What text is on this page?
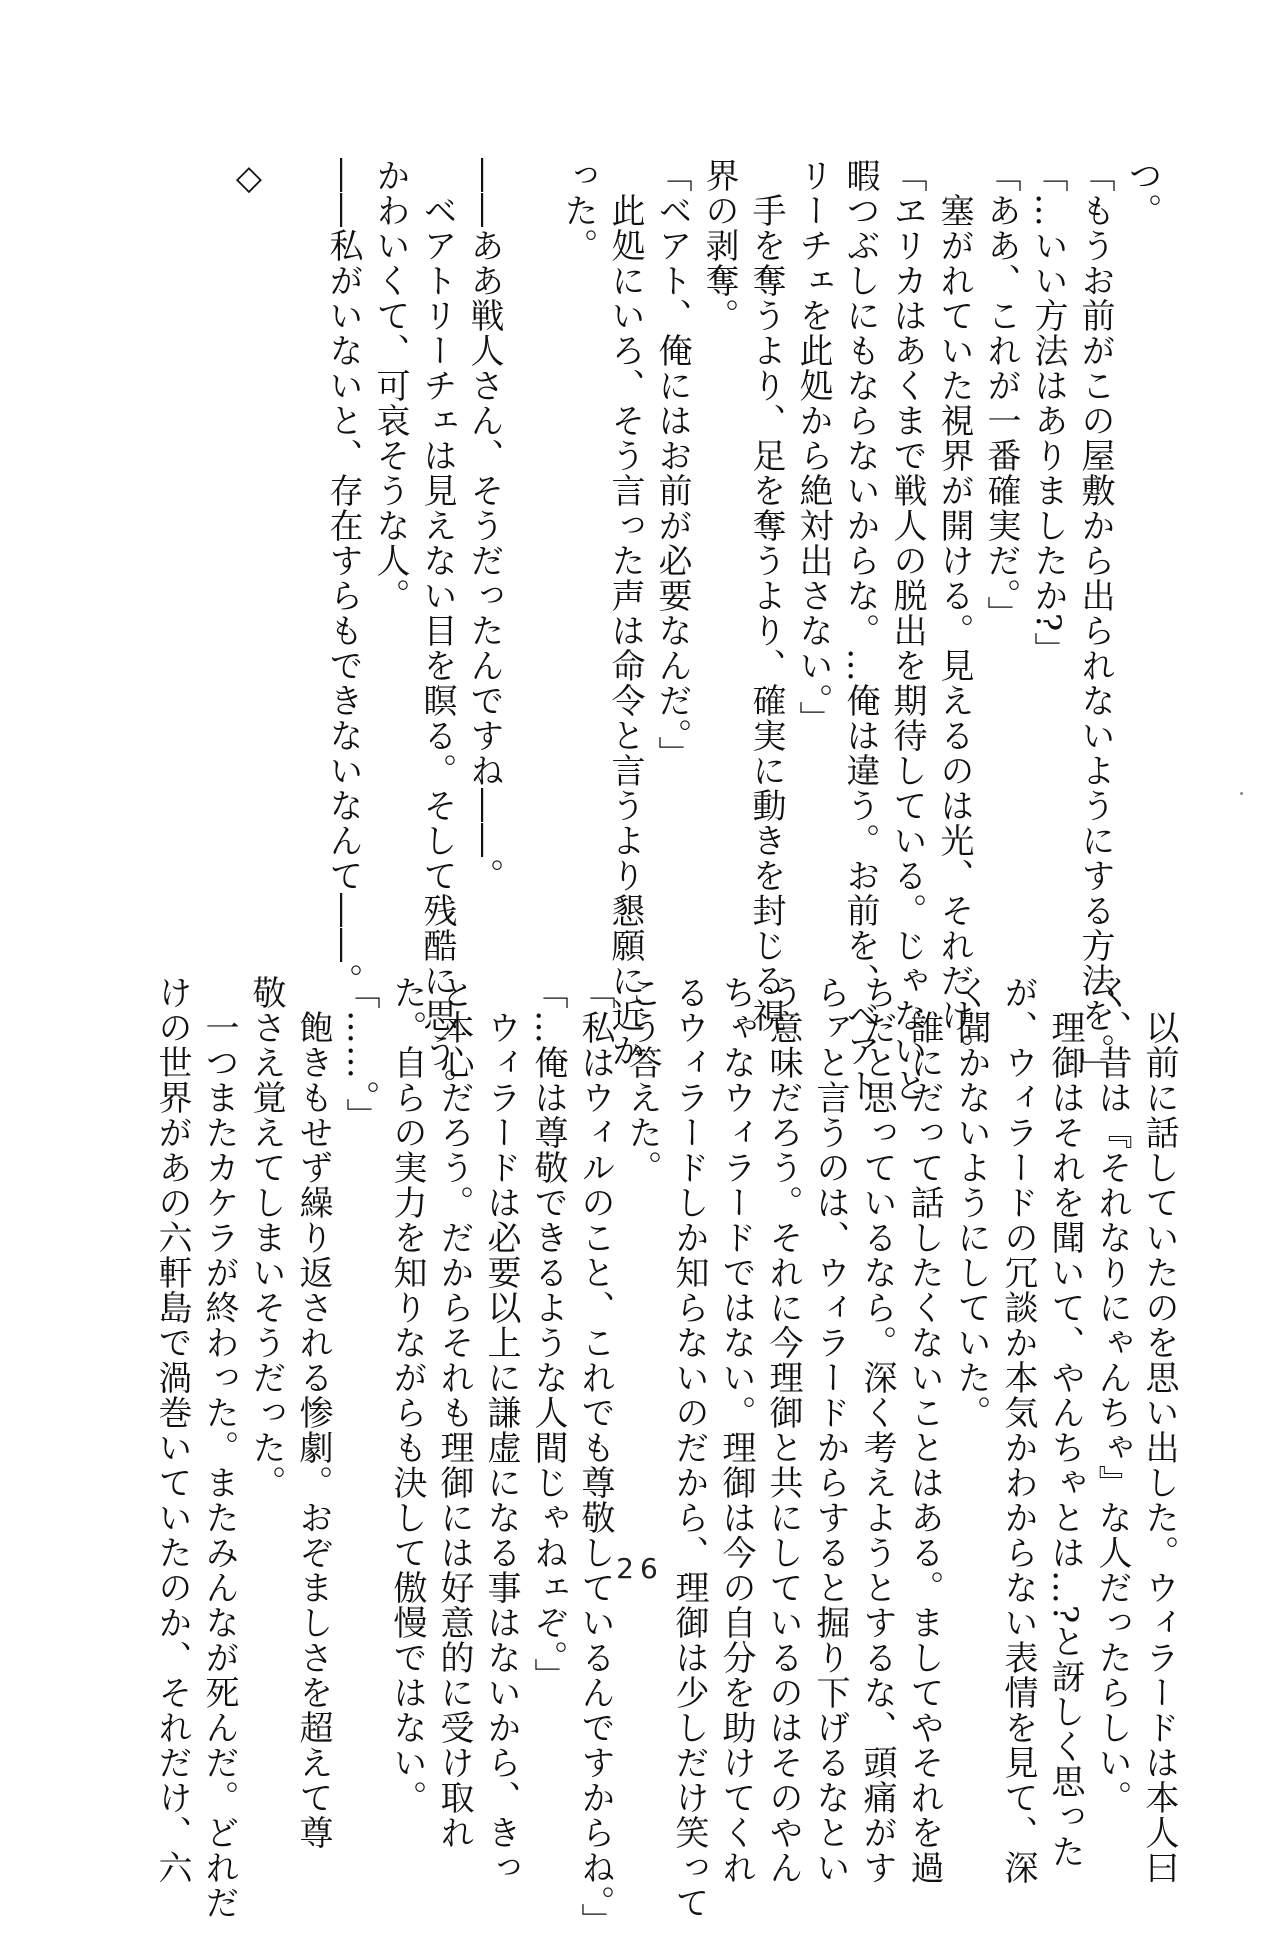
つ。
「もうお前がこの屋敷から出られないようにする方法を。」
「…いい方法はありましたか?」
「ああ、これが一番確実だ。」
　塞がれていた視界が開ける。見えるのは光、それだけ。
「ヱリカはあくまで戦人の脱出を期待している。じゃないと
暇つぶしにもならないからな。…俺は違う。お前を、ベアト
リーチェを此処から絶対出さない。」
　手を奪うより、足を奪うより、確実に動きを封じる視
界の剥奪。
「ベアト、俺にはお前が必要なんだ。」
　此処にいろ、そう言った声は命令と言うより懇願に近か
った。

――ああ戦人さん、そうだったんですね――。
　ベアトリーチェは見えない目を瞑る。そして残酷に思う。
かわいくて、可哀そうな人。
――私がいないと、存在すらもできないなんて――。

◇
　以前に話していたのを思い出した。ウィラードは本人曰
く、昔は『それなりにゃんちゃ』な人だったらしい。
　理御はそれを聞いて、やんちゃとは…?と訝しく思った
が、ウィラードの冗談か本気かわからない表情を見て、深
く聞かないようにしていた。
　誰にだって話したくないことはある。ましてやそれを過
ちだと思っているなら。深く考えようとするな、頭痛がす
らァと言うのは、ウィラードからすると掘り下げるなとい
う意味だろう。それに今理御と共にしているのはそのやん
ちゃなウィラードではない。理御は今の自分を助けてくれ
るウィラードしか知らないのだから、理御は少しだけ笑って
こう答えた。
「私はウィルのこと、これでも尊敬しているんですからね。」
「…俺は尊敬できるような人間じゃねェぞ。」
　ウィラードは必要以上に謙虚になる事はないから、きっ
と本心だろう。だからそれも理御には好意的に受け取れ
た。自らの実力を知りながらも決して傲慢ではない。
「……。」
　飽きもせず繰り返される惨劇。おぞましさを超えて尊
敬さえ覚えてしまいそうだった。
　一つまたカケラが終わった。またみんなが死んだ。どれだ
けの世界があの六軒島で渦巻いていたのか、それだけ、六	26
